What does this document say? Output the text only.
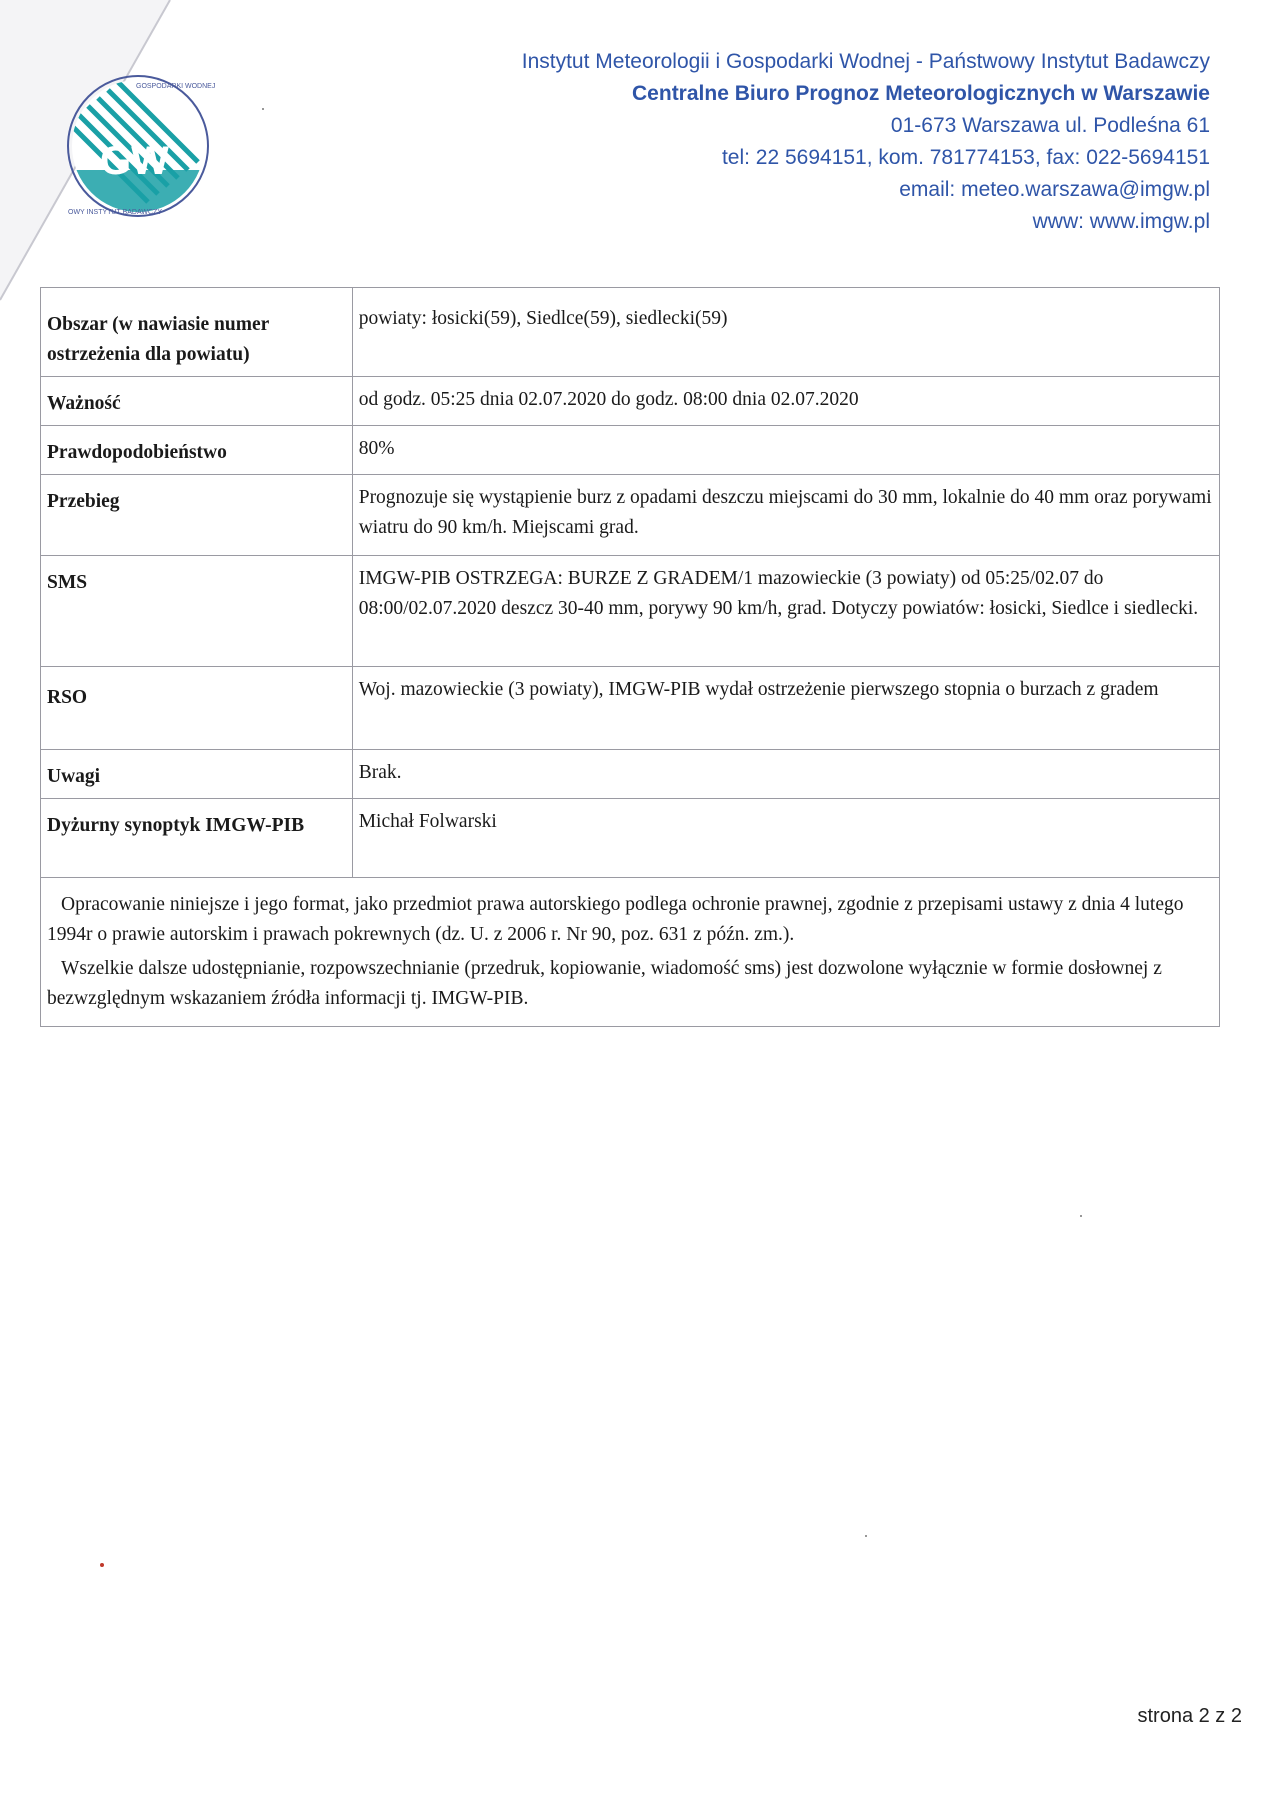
GW
GOSPODARKI WODNEJ
OWY INSTYTUT BADAWCZY
Instytut Meteorologii i Gospodarki Wodnej - Państwowy Instytut Badawczy
Centralne Biuro Prognoz Meteorologicznych w Warszawie
01-673 Warszawa ul. Podleśna 61
tel: 22 5694151, kom. 781774153, fax: 022-5694151
email: meteo.warszawa@imgw.pl
www: www.imgw.pl
Obszar (w nawiasie numer ostrzeżenia dla powiatu)	powiaty: łosicki(59), Siedlce(59), siedlecki(59)
Ważność	od godz. 05:25 dnia 02.07.2020 do godz. 08:00 dnia 02.07.2020
Prawdopodobieństwo	80%
Przebieg	Prognozuje się wystąpienie burz z opadami deszczu miejscami do 30 mm, lokalnie do 40 mm oraz porywami wiatru do 90 km/h. Miejscami grad.
SMS	IMGW-PIB OSTRZEGA: BURZE Z GRADEM/1 mazowieckie (3 powiaty) od 05:25/02.07 do 08:00/02.07.2020 deszcz 30-40 mm, porywy 90 km/h, grad. Dotyczy powiatów: łosicki, Siedlce i siedlecki.
RSO	Woj. mazowieckie (3 powiaty), IMGW-PIB wydał ostrzeżenie pierwszego stopnia o burzach z gradem
Uwagi	Brak.
Dyżurny synoptyk IMGW-PIB	Michał Folwarski

Opracowanie niniejsze i jego format, jako przedmiot prawa autorskiego podlega ochronie prawnej, zgodnie z przepisami ustawy z dnia 4 lutego 1994r o prawie autorskim i prawach pokrewnych (dz. U. z 2006 r. Nr 90, poz. 631 z późn. zm.).

Wszelkie dalsze udostępnianie, rozpowszechnianie (przedruk, kopiowanie, wiadomość sms) jest dozwolone wyłącznie w formie dosłownej z bezwzględnym wskazaniem źródła informacji tj. IMGW-PIB.

strona 2 z 2
